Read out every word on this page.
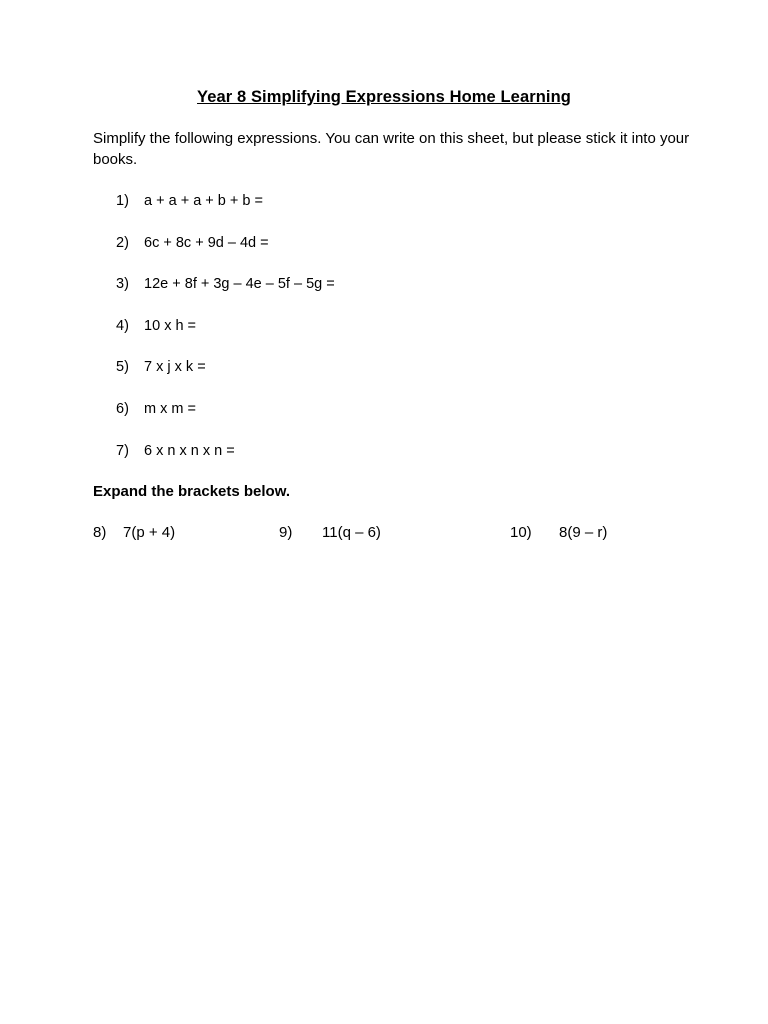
Year 8 Simplifying Expressions Home Learning
Simplify the following expressions. You can write on this sheet, but please stick it into your books.
1) a + a + a + b + b =
2) 6c + 8c + 9d – 4d =
3) 12e + 8f + 3g – 4e – 5f – 5g =
4) 10 x h =
5) 7 x j x k =
6) m x m =
7) 6 x n x n x n =
Expand the brackets below.
8) 7(p + 4)	9) 11(q – 6)	10) 8(9 – r)
